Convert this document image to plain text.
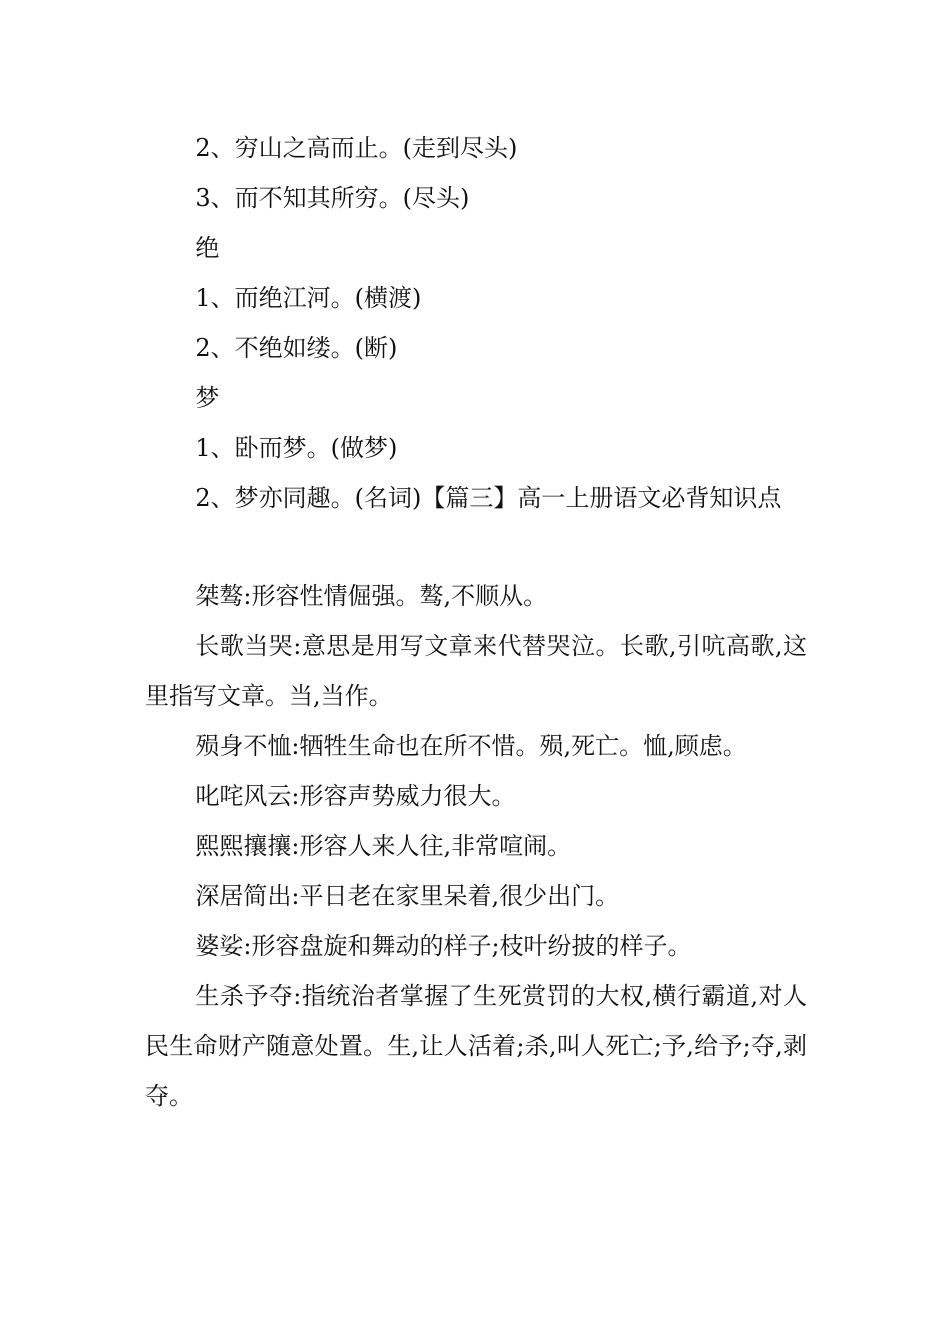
2、穷山之高而止。(走到尽头)

3、而不知其所穷。(尽头)

绝

1、而绝江河。(横渡)

2、不绝如缕。(断)

梦

1、卧而梦。(做梦)

2、梦亦同趣。(名词)【篇三】高一上册语文必背知识点

桀骜:形容性情倔强。骜,不顺从。

长歌当哭:意思是用写文章来代替哭泣。长歌,引吭高歌,这里指写文章。当,当作。

殒身不恤:牺牲生命也在所不惜。殒,死亡。恤,顾虑。

叱咤风云:形容声势威力很大。

熙熙攘攘:形容人来人往,非常喧闹。

深居简出:平日老在家里呆着,很少出门。

婆娑:形容盘旋和舞动的样子;枝叶纷披的样子。

生杀予夺:指统治者掌握了生死赏罚的大权,横行霸道,对人民生命财产随意处置。生,让人活着;杀,叫人死亡;予,给予;夺,剥夺。
